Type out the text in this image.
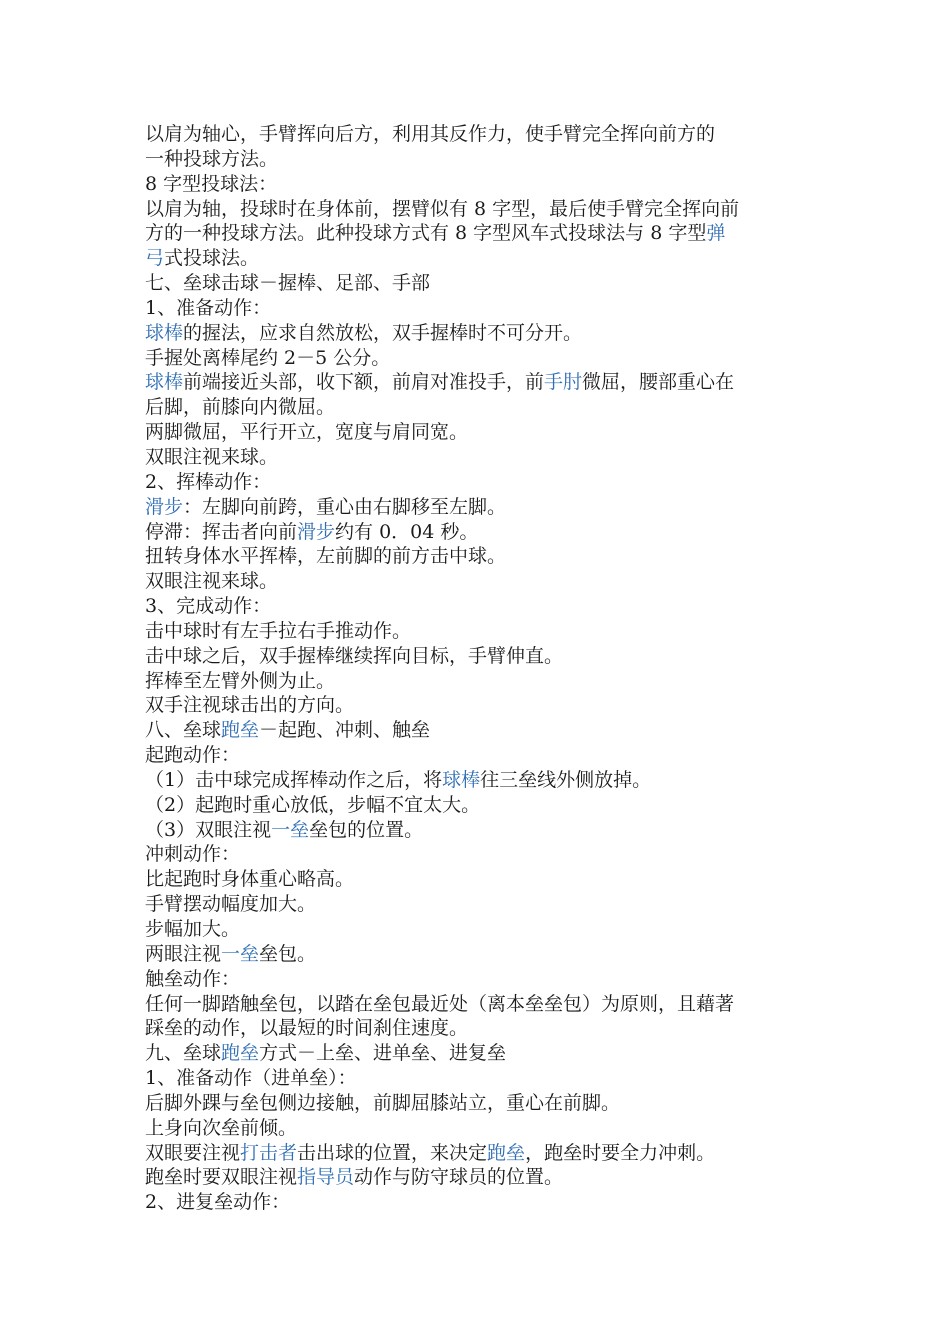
以肩为轴心，手臂挥向后方，利用其反作力，使手臂完全挥向前方的
一种投球方法。
8 字型投球法：
以肩为轴，投球时在身体前，摆臂似有 8 字型，最后使手臂完全挥向前
方的一种投球方法。此种投球方式有 8 字型风车式投球法与 8 字型弹
弓式投球法。
七、垒球击球－握棒、足部、手部
1、准备动作：
球棒的握法，应求自然放松，双手握棒时不可分开。
手握处离棒尾约 2－5 公分。
球棒前端接近头部，收下额，前肩对准投手，前手肘微屈，腰部重心在
后脚，前膝向内微屈。
两脚微屈，平行开立，宽度与肩同宽。
双眼注视来球。
2、挥棒动作：
滑步：左脚向前跨，重心由右脚移至左脚。
停滞：挥击者向前滑步约有 0．04 秒。
扭转身体水平挥棒，左前脚的前方击中球。
双眼注视来球。
3、完成动作：
击中球时有左手拉右手推动作。
击中球之后，双手握棒继续挥向目标，手臂伸直。
挥棒至左臂外侧为止。
双手注视球击出的方向。
八、垒球跑垒－起跑、冲刺、触垒
起跑动作：
（1）击中球完成挥棒动作之后，将球棒往三垒线外侧放掉。
（2）起跑时重心放低，步幅不宜太大。
（3）双眼注视一垒垒包的位置。
冲刺动作：
比起跑时身体重心略高。
手臂摆动幅度加大。
步幅加大。
两眼注视一垒垒包。
触垒动作：
任何一脚踏触垒包，以踏在垒包最近处（离本垒垒包）为原则，且藉著
踩垒的动作，以最短的时间刹住速度。
九、垒球跑垒方式－上垒、进单垒、进复垒
1、准备动作（进单垒）：
后脚外踝与垒包侧边接触，前脚屈膝站立，重心在前脚。
上身向次垒前倾。
双眼要注视打击者击出球的位置，来决定跑垒，跑垒时要全力冲刺。
跑垒时要双眼注视指导员动作与防守球员的位置。
2、进复垒动作：
